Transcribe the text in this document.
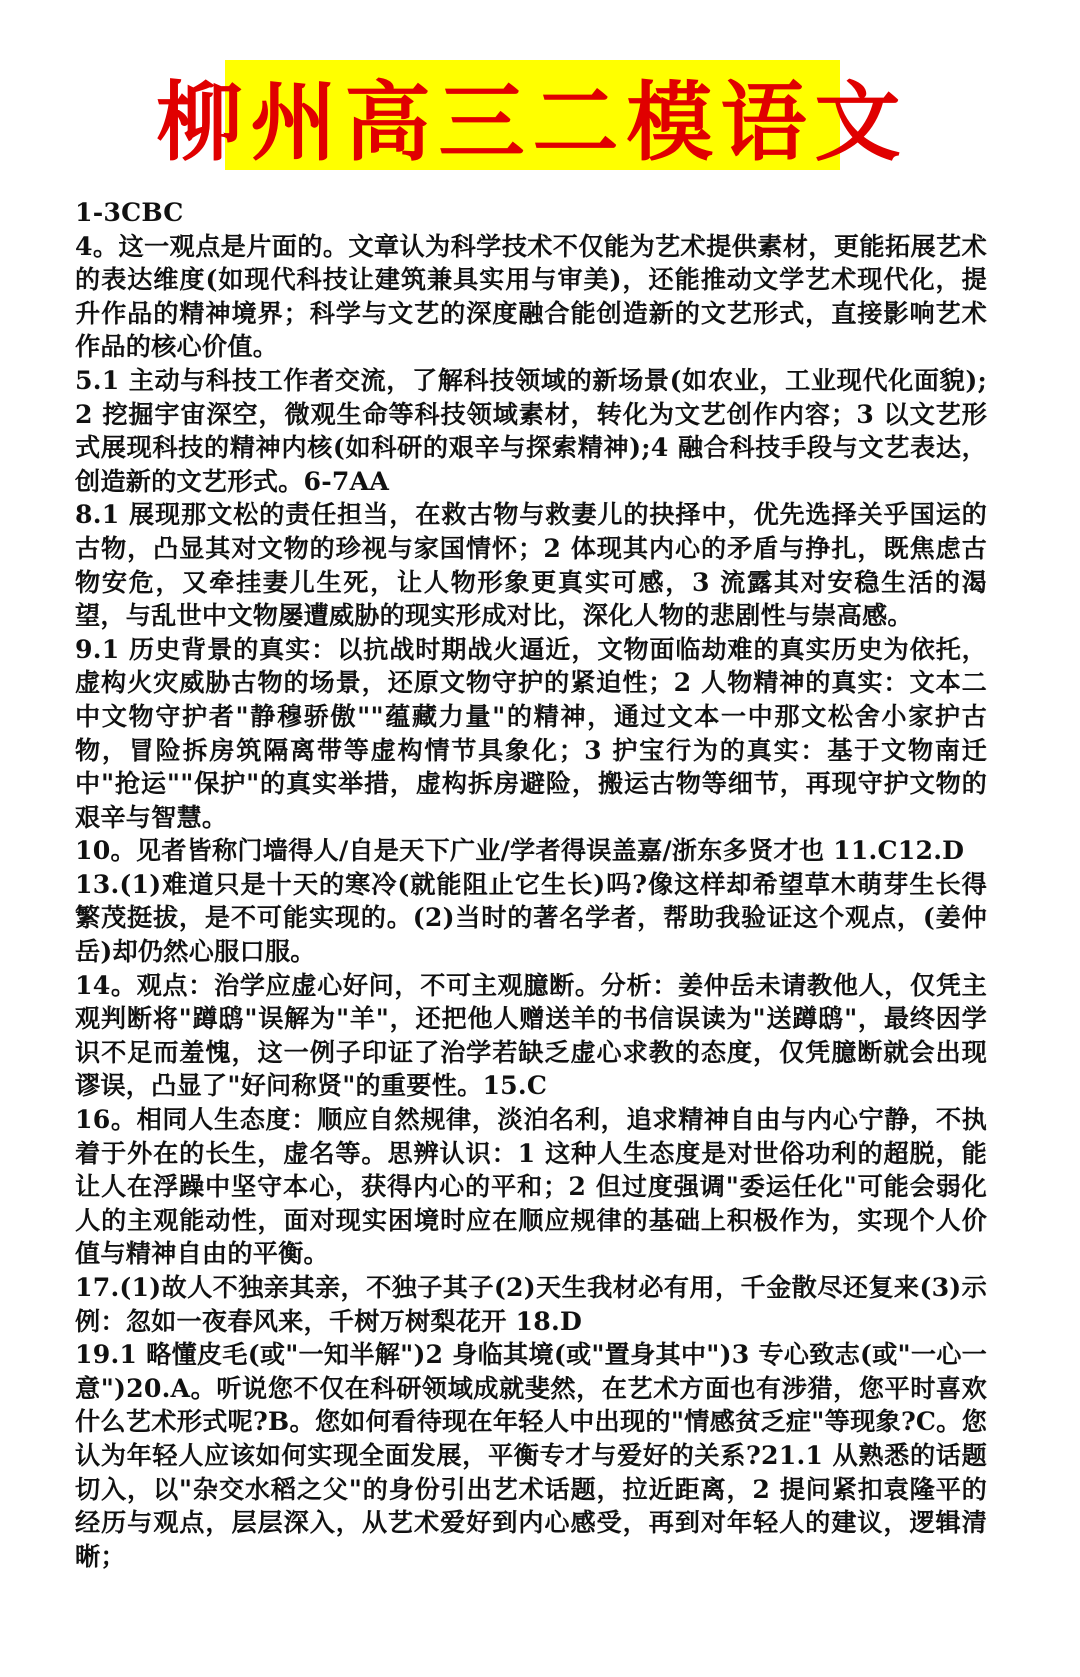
柳州高三二模语文

1-3CBC

4。这一观点是片面的。文章认为科学技术不仅能为艺术提供素材，更能拓展艺术的表达维度(如现代科技让建筑兼具实用与审美)，还能推动文学艺术现代化，提升作品的精神境界；科学与文艺的深度融合能创造新的文艺形式，直接影响艺术作品的核心价值。

5.1 主动与科技工作者交流，了解科技领域的新场景(如农业，工业现代化面貌);2 挖掘宇宙深空，微观生命等科技领域素材，转化为文艺创作内容；3 以文艺形式展现科技的精神内核(如科研的艰辛与探索精神);4 融合科技手段与文艺表达，创造新的文艺形式。6-7AA

8.1 展现那文松的责任担当，在救古物与救妻儿的抉择中，优先选择关乎国运的古物，凸显其对文物的珍视与家国情怀；2 体现其内心的矛盾与挣扎，既焦虑古物安危，又牵挂妻儿生死，让人物形象更真实可感，3 流露其对安稳生活的渴望，与乱世中文物屡遭威胁的现实形成对比，深化人物的悲剧性与崇高感。

9.1 历史背景的真实：以抗战时期战火逼近，文物面临劫难的真实历史为依托，虚构火灾威胁古物的场景，还原文物守护的紧迫性；2 人物精神的真实：文本二中文物守护者"静穆骄傲""蕴藏力量"的精神，通过文本一中那文松舍小家护古物，冒险拆房筑隔离带等虚构情节具象化；3 护宝行为的真实：基于文物南迁中"抢运""保护"的真实举措，虚构拆房避险，搬运古物等细节，再现守护文物的艰辛与智慧。

10。见者皆称门墙得人/自是天下广业/学者得误盖嘉/浙东多贤才也 11.C12.D

13.(1)难道只是十天的寒冷(就能阻止它生长)吗?像这样却希望草木萌芽生长得繁茂挺拔，是不可能实现的。(2)当时的著名学者，帮助我验证这个观点，(姜仲岳)却仍然心服口服。

14。观点：治学应虚心好问，不可主观臆断。分析：姜仲岳未请教他人，仅凭主观判断将"蹲鸱"误解为"羊"，还把他人赠送羊的书信误读为"送蹲鸱"，最终因学识不足而羞愧，这一例子印证了治学若缺乏虚心求教的态度，仅凭臆断就会出现谬误，凸显了"好问称贤"的重要性。15.C

16。相同人生态度：顺应自然规律，淡泊名利，追求精神自由与内心宁静，不执着于外在的长生，虚名等。思辨认识：1 这种人生态度是对世俗功利的超脱，能让人在浮躁中坚守本心，获得内心的平和；2 但过度强调"委运任化"可能会弱化人的主观能动性，面对现实困境时应在顺应规律的基础上积极作为，实现个人价值与精神自由的平衡。

17.(1)故人不独亲其亲，不独子其子(2)天生我材必有用，千金散尽还复来(3)示例：忽如一夜春风来，千树万树梨花开 18.D

19.1 略懂皮毛(或"一知半解")2 身临其境(或"置身其中")3 专心致志(或"一心一意")20.A。听说您不仅在科研领域成就斐然，在艺术方面也有涉猎，您平时喜欢什么艺术形式呢?B。您如何看待现在年轻人中出现的"情感贫乏症"等现象?C。您认为年轻人应该如何实现全面发展，平衡专才与爱好的关系?21.1 从熟悉的话题切入，以"杂交水稻之父"的身份引出艺术话题，拉近距离，2 提问紧扣袁隆平的经历与观点，层层深入，从艺术爱好到内心感受，再到对年轻人的建议，逻辑清晰；
